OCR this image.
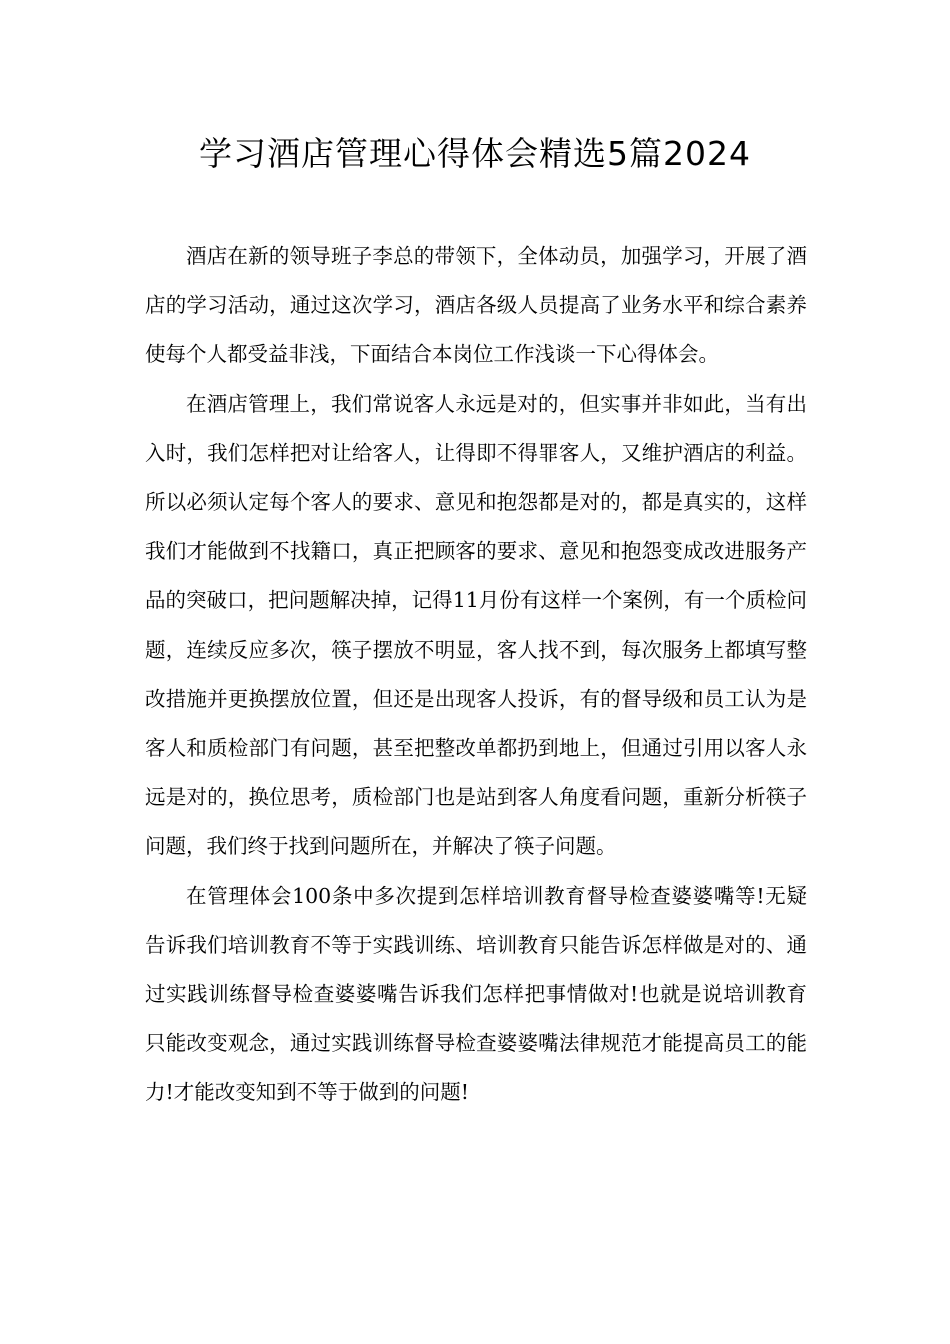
学习酒店管理心得体会精选5篇2024

酒店在新的领导班子李总的带领下，全体动员，加强学习，开展了酒店的学习活动，通过这次学习，酒店各级人员提高了业务水平和综合素养使每个人都受益非浅，下面结合本岗位工作浅谈一下心得体会。

在酒店管理上，我们常说客人永远是对的，但实事并非如此，当有出入时，我们怎样把对让给客人，让得即不得罪客人，又维护酒店的利益。所以必须认定每个客人的要求、意见和抱怨都是对的，都是真实的，这样我们才能做到不找籍口，真正把顾客的要求、意见和抱怨变成改进服务产品的突破口，把问题解决掉，记得11月份有这样一个案例，有一个质检问题，连续反应多次，筷子摆放不明显，客人找不到，每次服务上都填写整改措施并更换摆放位置，但还是出现客人投诉，有的督导级和员工认为是客人和质检部门有问题，甚至把整改单都扔到地上，但通过引用以客人永远是对的，换位思考，质检部门也是站到客人角度看问题，重新分析筷子问题，我们终于找到问题所在，并解决了筷子问题。

在管理体会100条中多次提到怎样培训教育督导检查婆婆嘴等!无疑告诉我们培训教育不等于实践训练、培训教育只能告诉怎样做是对的、通过实践训练督导检查婆婆嘴告诉我们怎样把事情做对!也就是说培训教育只能改变观念，通过实践训练督导检查婆婆嘴法律规范才能提高员工的能力!才能改变知到不等于做到的问题!
